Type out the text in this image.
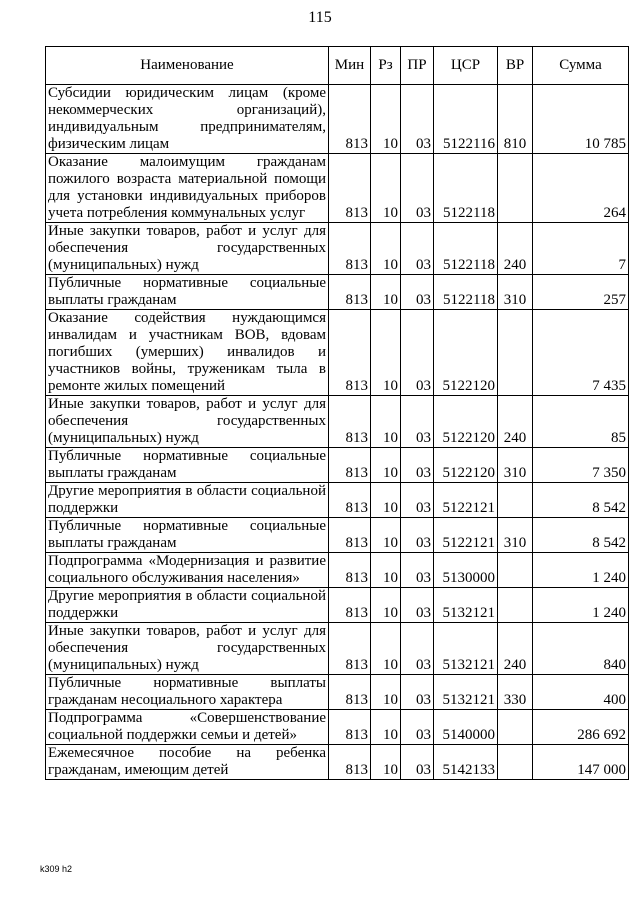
115
Наименование	Мин	Рз	ПР	ЦСР	ВР	Сумма
Субсидии юридическим лицам (кроме некоммерческих организаций), индивидуальным предпринимателям, физическим лицам	813	10	03	5122116	810	10 785
Оказание малоимущим гражданам пожилого возраста материальной помощи для установки индивидуальных приборов учета потребления коммунальных услуг	813	10	03	5122118		264
Иные закупки товаров, работ и услуг для обеспечения государственных (муниципальных) нужд	813	10	03	5122118	240	7
Публичные нормативные социальные выплаты гражданам	813	10	03	5122118	310	257
Оказание содействия нуждающимся инвалидам и участникам ВОВ, вдовам погибших (умерших) инвалидов и участников войны, труженикам тыла в ремонте жилых помещений	813	10	03	5122120		7 435
Иные закупки товаров, работ и услуг для обеспечения государственных (муниципальных) нужд	813	10	03	5122120	240	85
Публичные нормативные социальные выплаты гражданам	813	10	03	5122120	310	7 350
Другие мероприятия в области социальной поддержки	813	10	03	5122121		8 542
Публичные нормативные социальные выплаты гражданам	813	10	03	5122121	310	8 542
Подпрограмма «Модернизация и развитие социального обслуживания населения»	813	10	03	5130000		1 240
Другие мероприятия в области социальной поддержки	813	10	03	5132121		1 240
Иные закупки товаров, работ и услуг для обеспечения государственных (муниципальных) нужд	813	10	03	5132121	240	840
Публичные нормативные выплаты гражданам несоциального характера	813	10	03	5132121	330	400
Подпрограмма «Совершенствование социальной поддержки семьи и детей»	813	10	03	5140000		286 692
Ежемесячное пособие на ребенка гражданам, имеющим детей	813	10	03	5142133		147 000
k309 h2
